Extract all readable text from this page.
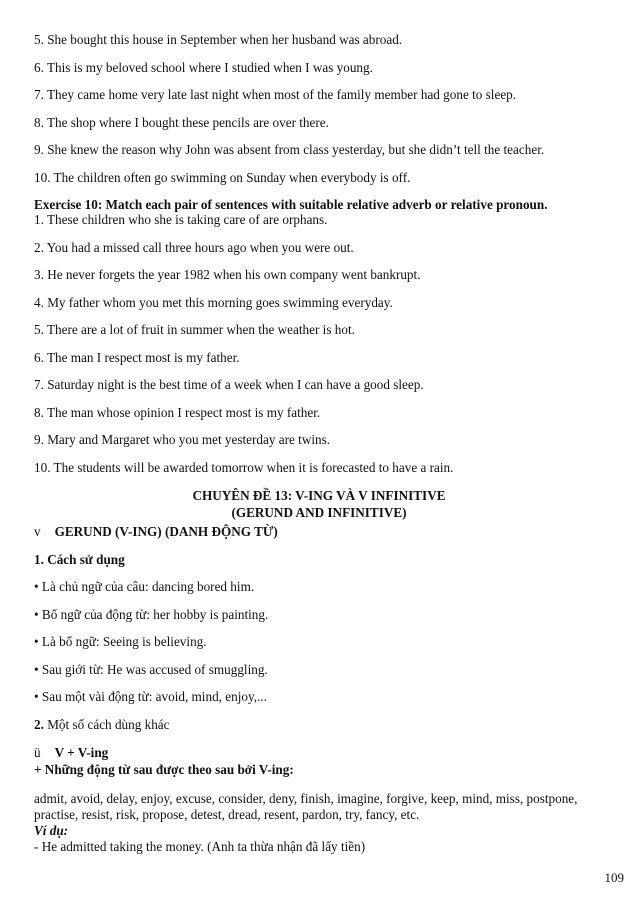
5. She bought this house in September when her husband was abroad.
6. This is my beloved school where I studied when I was young.
7. They came home very late last night when most of the family member had gone to sleep.
8. The shop where I bought these pencils are over there.
9. She knew the reason why John was absent from class yesterday, but she didn’t tell the teacher.
10. The children often go swimming on Sunday when everybody is off.
Exercise 10: Match each pair of sentences with suitable relative adverb or relative pronoun.
1. These children who she is taking care of are orphans.
2. You had a missed call three hours ago when you were out.
3. He never forgets the year 1982 when his own company went bankrupt.
4. My father whom you met this morning goes swimming everyday.
5. There are a lot of fruit in summer when the weather is hot.
6. The man I respect most is my father.
7. Saturday night is the best time of a week when I can have a good sleep.
8. The man whose opinion I respect most is my father.
9. Mary and Margaret who you met yesterday are twins.
10. The students will be awarded tomorrow when it is forecasted to have a rain.
CHUYÊN ĐỀ 13: V-ING VÀ V INFINITIVE
(GERUND AND INFINITIVE)
v GERUND (V-ING) (DANH ĐỘNG TỪ)
1. Cách sử dụng
• Là chủ ngữ của câu: dancing bored him.
• Bổ ngữ của động từ: her hobby is painting.
• Là bổ ngữ: Seeing is believing.
• Sau giới từ: He was accused of smuggling.
• Sau một vài động từ: avoid, mind, enjoy,...
2. Một số cách dùng khác
ü V + V-ing
+ Những động từ sau được theo sau bởi V-ing:
admit, avoid, delay, enjoy, excuse, consider, deny, finish, imagine, forgive, keep, mind, miss, postpone, practise, resist, risk, propose, detest, dread, resent, pardon, try, fancy, etc.
Ví dụ:
- He admitted taking the money. (Anh ta thừa nhận đã lấy tiền)
109
